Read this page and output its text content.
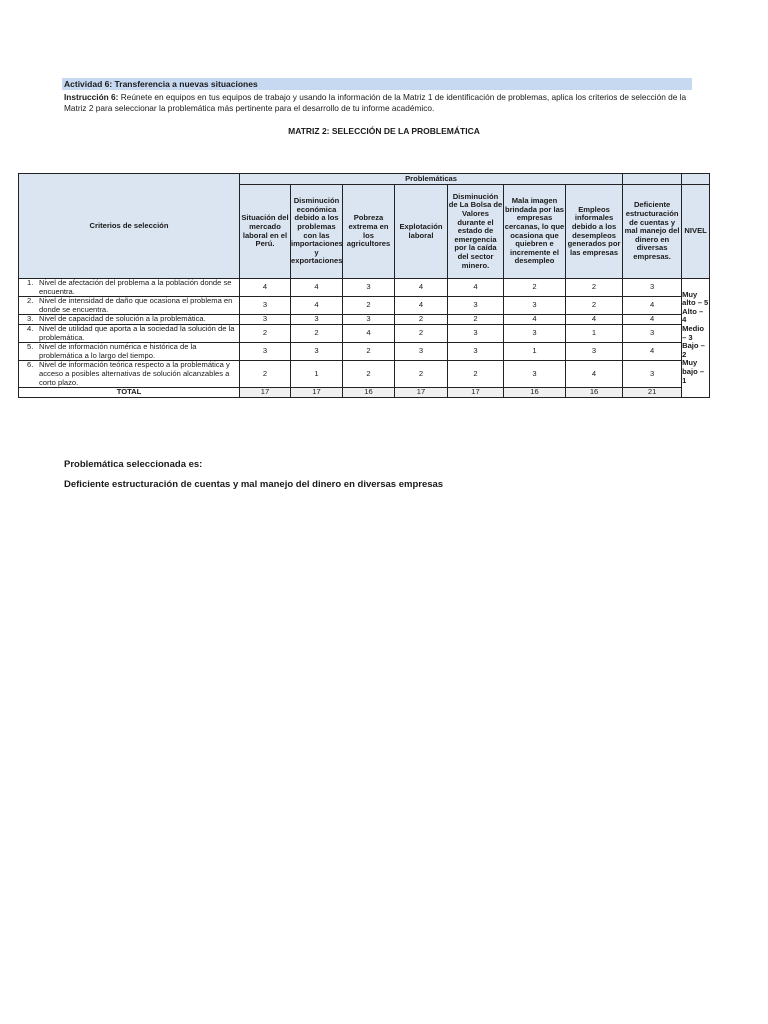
Actividad 6: Transferencia a nuevas situaciones
Instrucción 6: Reúnete en equipos en tus equipos de trabajo y usando la información de la Matriz 1 de identificación de problemas, aplica los criterios de selección de la Matriz 2 para seleccionar la problemática más pertinente para el desarrollo de tu informe académico.
MATRIZ 2: SELECCIÓN DE LA PROBLEMÁTICA
Criterios de selección	Problemáticas								
	Situación del mercado laboral en el Perú.	Disminución económica debido a los problemas con las importaciones y exportaciones	Pobreza extrema en los agricultores	Explotación laboral	Disminución de La Bolsa de Valores durante el estado de emergencia por la caída del sector minero.	Mala imagen brindada por las empresas cercanas, lo que ocasiona que quiebren e incremente el desempleo	Empleos informales debido a los desempleos generados por las empresas	Deficiente estructuración de cuentas y mal manejo del dinero en diversas empresas.	NIVEL
1. Nivel de afectación del problema a la población donde se encuentra.	4	4	3	4	4	2	2	3	Muy alto – 5
Alto – 4
Medio – 3
Bajo – 2
Muy bajo – 1

2. Nivel de intensidad de daño que ocasiona el problema en donde se encuentra.	3	4	2	4	3	3	2	4	
3. Nivel de capacidad de solución a la problemática.	3	3	3	2	2	4	4	4	
4. Nivel de utilidad que aporta a la sociedad la solución de la problemática.	2	2	4	2	3	3	1	3	
5. Nivel de información numérica e histórica de la problemática a lo largo del tiempo.	3	3	2	3	3	1	3	4	
6. Nivel de información teórica respecto a la problemática y acceso a posibles alternativas de solución alcanzables a corto plazo.	2	1	2	2	2	3	4	3	
TOTAL	17	17	16	17	17	16	16	21	
Problemática seleccionada es:
Deficiente estructuración de cuentas y mal manejo del dinero en diversas empresas
